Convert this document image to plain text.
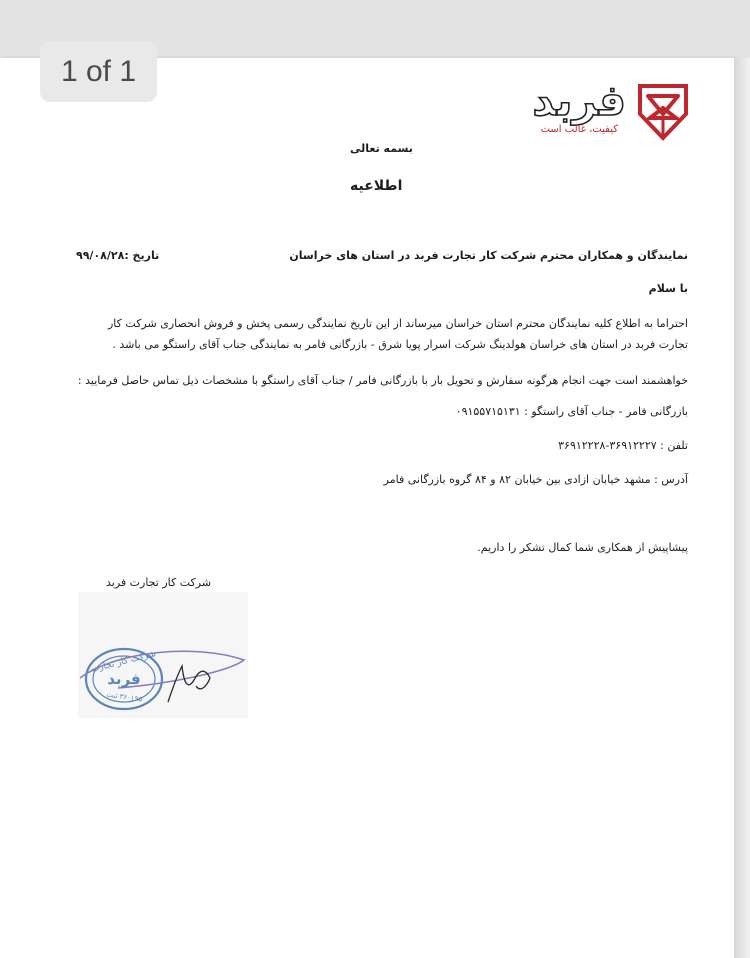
1 of 1
فربد
کیفیت، غالب است
بسمه تعالی
اطلاعیه
نمایندگان و همکاران محترم شرکت کار تجارت فربد در استان های خراسان
تاریخ :۹۹/۰۸/۲۸
با سلام
احتراما به اطلاع کلیه نمایندگان محترم استان خراسان میرساند از این تاریخ نمایندگی رسمی پخش و فروش انحصاری شرکت کار
تجارت فربد در استان های خراسان هولدینگ شرکت اسرار پویا شرق - بازرگانی فامر به نمایندگی جناب آقای راستگو می باشد .
خواهشمند است جهت انجام هرگونه سفارش و تحویل بار با بازرگانی فامر / جناب آقای راستگو با مشخصات ذیل تماس حاصل فرمایید :
بازرگانی فامر - جناب آقای راستگو : ۰۹۱۵۵۷۱۵۱۳۱
تلفن : ۳۶۹۱۲۲۲۷-۳۶۹۱۲۲۲۸
آدرس : مشهد خیابان ازادی بین خیابان ۸۲ و ۸۴ گروه بازرگانی فامر
پیشاپیش از همکاری شما کمال تشکر را داریم.
شرکت کار تجارت فربد
شرکت کار تجارت
فربد
۳۶۰۱۹۵ ثبت
